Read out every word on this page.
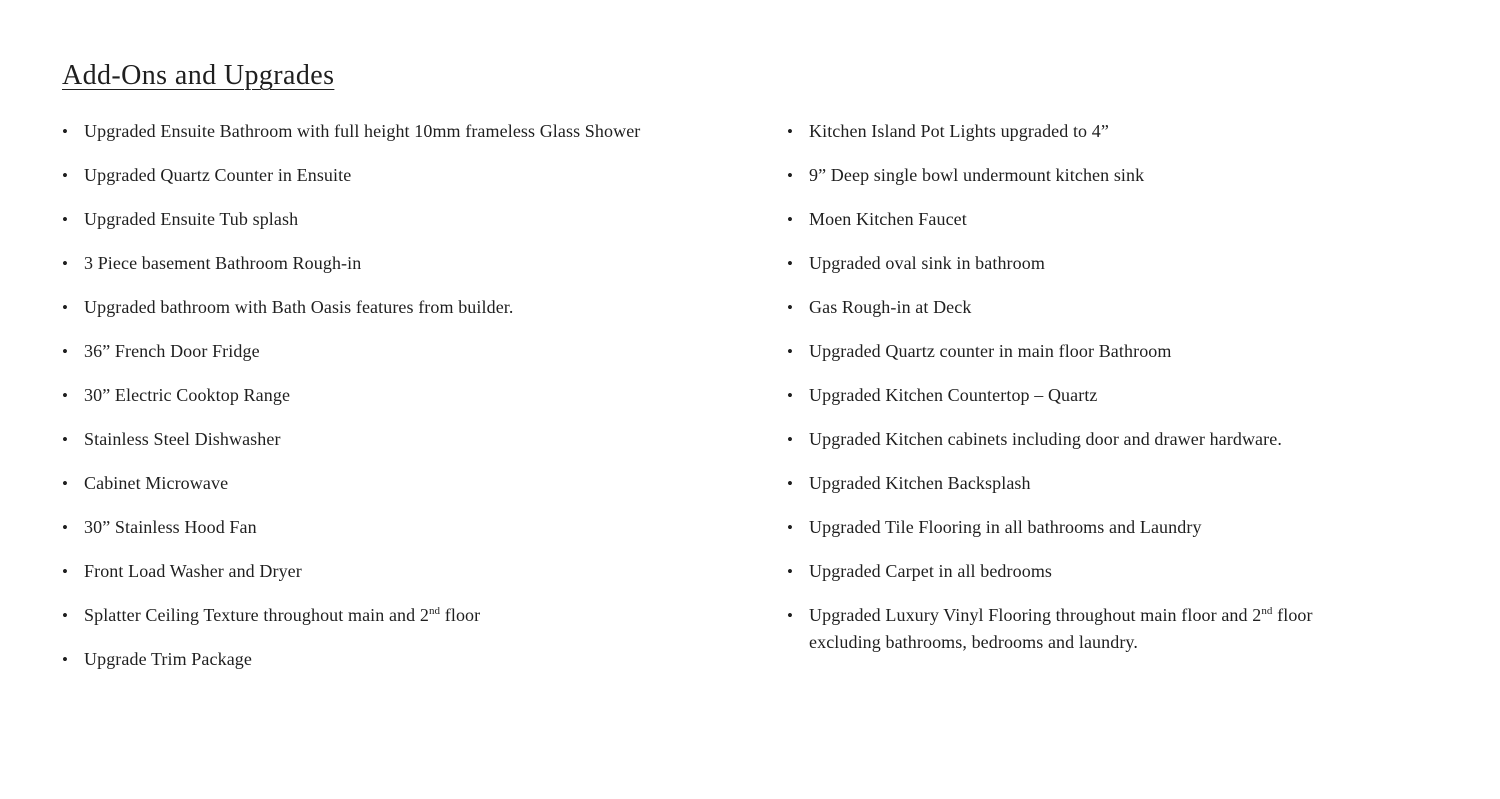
Add-Ons and Upgrades
• Upgraded Ensuite Bathroom with full height 10mm frameless Glass Shower
• Upgraded Quartz Counter in Ensuite
• Upgraded Ensuite Tub splash
• 3 Piece basement Bathroom Rough-in
• Upgraded bathroom with Bath Oasis features from builder.
• 36” French Door Fridge
• 30” Electric Cooktop Range
• Stainless Steel Dishwasher
• Cabinet Microwave
• 30” Stainless Hood Fan
• Front Load Washer and Dryer
• Splatter Ceiling Texture throughout main and 2nd floor
• Upgrade Trim Package
• Kitchen Island Pot Lights upgraded to 4”
• 9” Deep single bowl undermount kitchen sink
• Moen Kitchen Faucet
• Upgraded oval sink in bathroom
• Gas Rough-in at Deck
• Upgraded Quartz counter in main floor Bathroom
• Upgraded Kitchen Countertop – Quartz
• Upgraded Kitchen cabinets including door and drawer hardware.
• Upgraded Kitchen Backsplash
• Upgraded Tile Flooring in all bathrooms and Laundry
• Upgraded Carpet in all bedrooms
• Upgraded Luxury Vinyl Flooring throughout main floor and 2nd floor excluding bathrooms, bedrooms and laundry.
